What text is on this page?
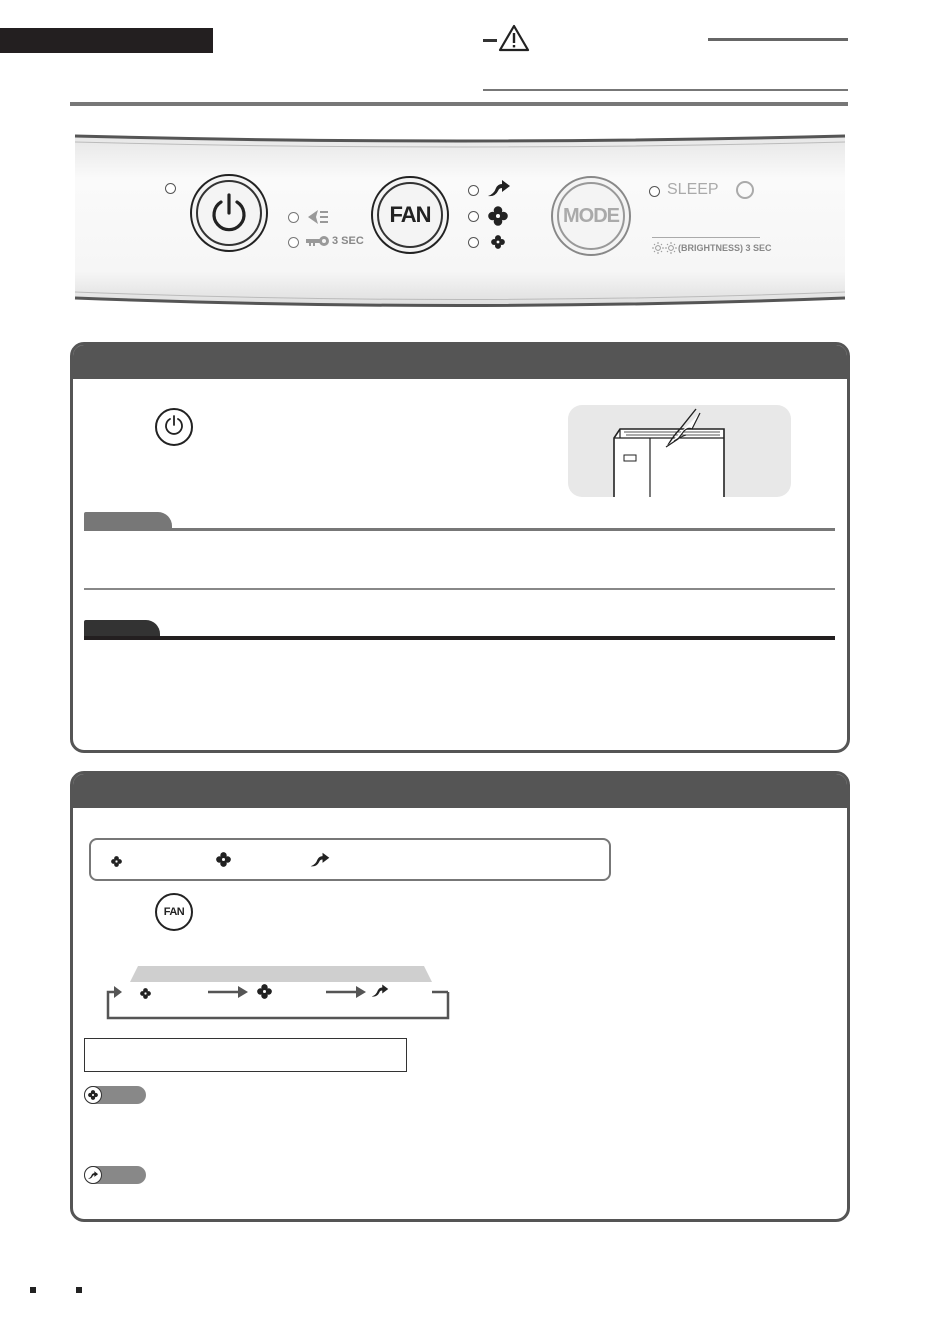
3 SEC
FAN	MODE
SLEEP
(BRIGHTNESS) 3 SEC
FAN
